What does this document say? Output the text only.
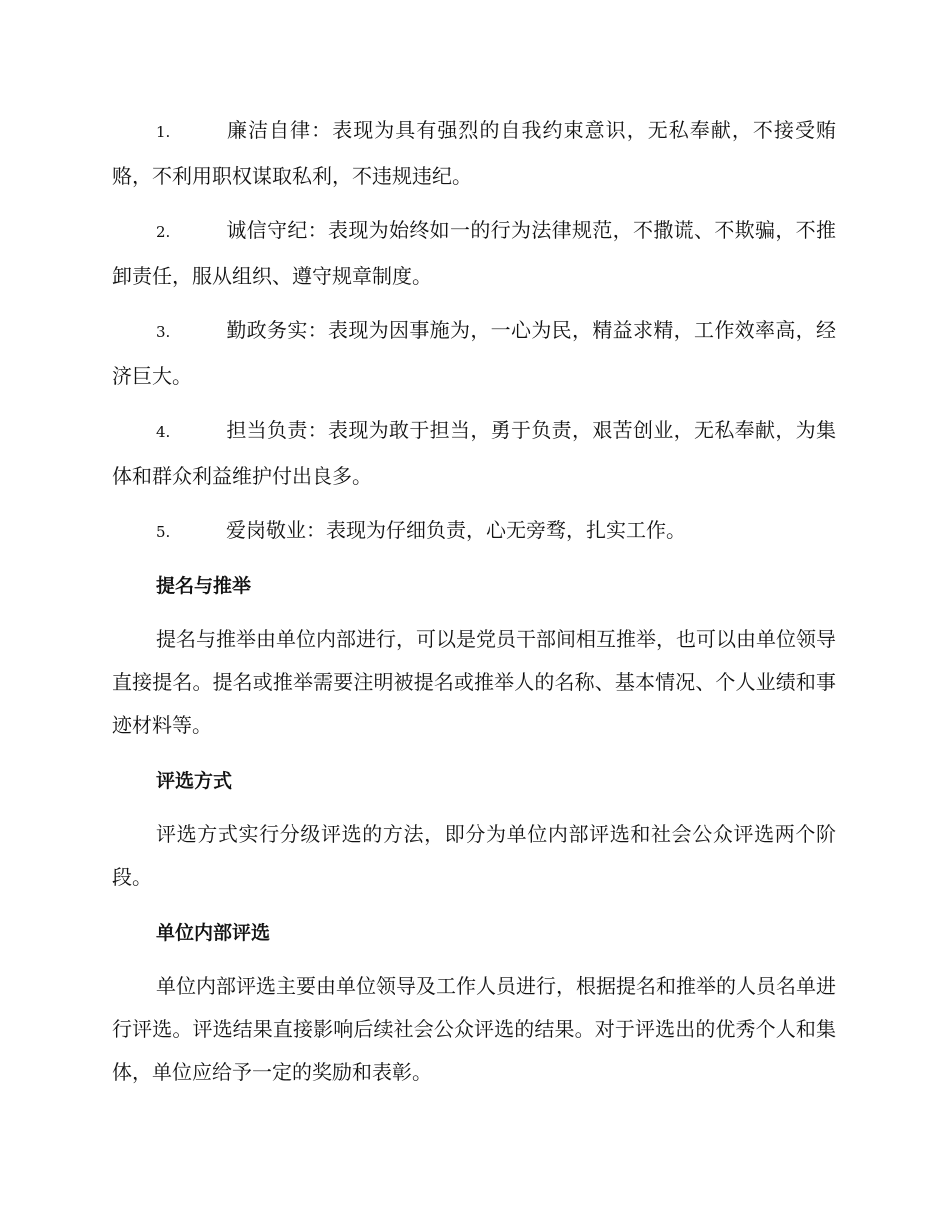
1.	廉洁自律：表现为具有强烈的自我约束意识，无私奉献，不接受贿赂，不利用职权谋取私利，不违规违纪。

2.	诚信守纪：表现为始终如一的行为法律规范，不撒谎、不欺骗，不推卸责任，服从组织、遵守规章制度。

3.	勤政务实：表现为因事施为，一心为民，精益求精，工作效率高，经济巨大。

4.	担当负责：表现为敢于担当，勇于负责，艰苦创业，无私奉献，为集体和群众利益维护付出良多。

5.	爱岗敬业：表现为仔细负责，心无旁骛，扎实工作。

提名与推举

提名与推举由单位内部进行，可以是党员干部间相互推举，也可以由单位领导直接提名。提名或推举需要注明被提名或推举人的名称、基本情况、个人业绩和事迹材料等。

评选方式

评选方式实行分级评选的方法，即分为单位内部评选和社会公众评选两个阶段。

单位内部评选

单位内部评选主要由单位领导及工作人员进行，根据提名和推举的人员名单进行评选。评选结果直接影响后续社会公众评选的结果。对于评选出的优秀个人和集体，单位应给予一定的奖励和表彰。
